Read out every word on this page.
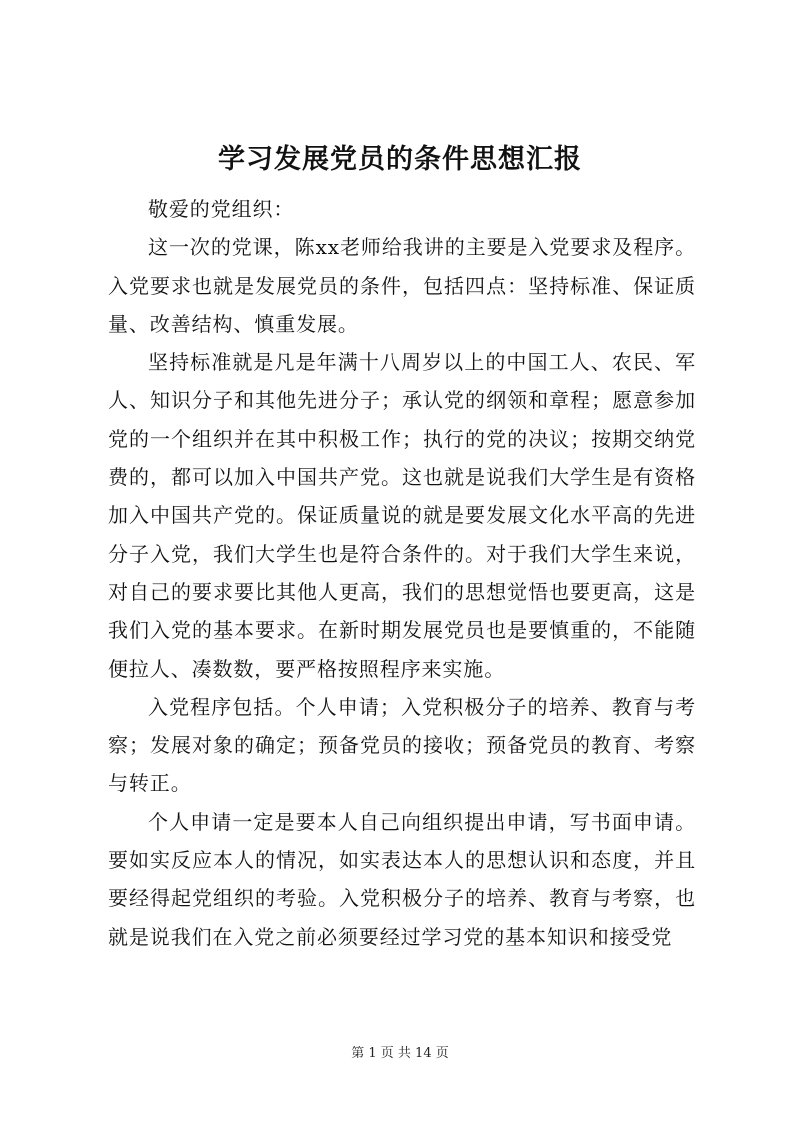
学习发展党员的条件思想汇报

敬爱的党组织：

这一次的党课，陈xx老师给我讲的主要是入党要求及程序。入党要求也就是发展党员的条件，包括四点：坚持标准、保证质量、改善结构、慎重发展。

坚持标准就是凡是年满十八周岁以上的中国工人、农民、军人、知识分子和其他先进分子；承认党的纲领和章程；愿意参加党的一个组织并在其中积极工作；执行的党的决议；按期交纳党费的，都可以加入中国共产党。这也就是说我们大学生是有资格加入中国共产党的。保证质量说的就是要发展文化水平高的先进分子入党，我们大学生也是符合条件的。对于我们大学生来说，对自己的要求要比其他人更高，我们的思想觉悟也要更高，这是我们入党的基本要求。在新时期发展党员也是要慎重的，不能随便拉人、凑数数，要严格按照程序来实施。

入党程序包括。个人申请；入党积极分子的培养、教育与考察；发展对象的确定；预备党员的接收；预备党员的教育、考察与转正。

个人申请一定是要本人自己向组织提出申请，写书面申请。要如实反应本人的情况，如实表达本人的思想认识和态度，并且要经得起党组织的考验。入党积极分子的培养、教育与考察，也就是说我们在入党之前必须要经过学习党的基本知识和接受党

第 1 页 共 14 页
